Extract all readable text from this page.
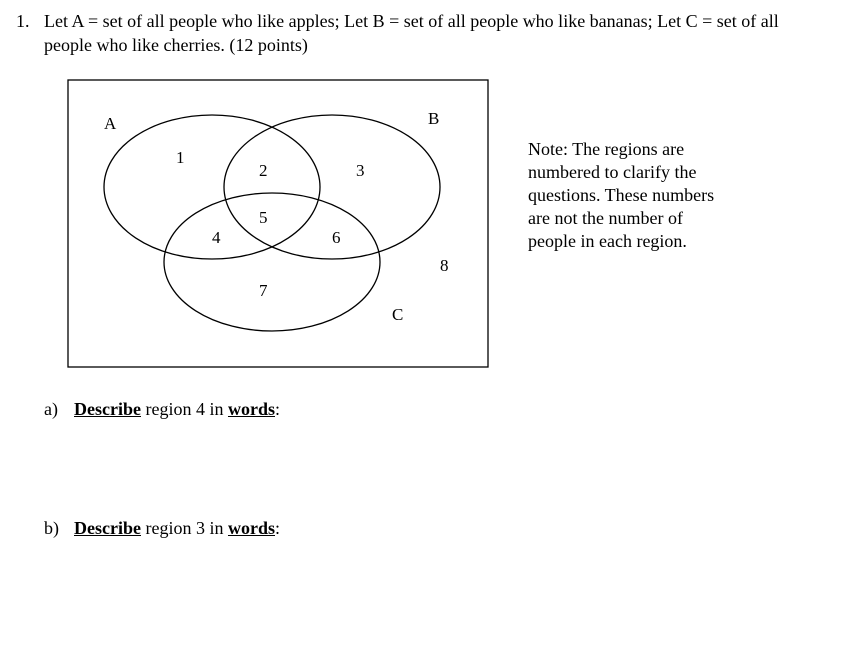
1. Let A = set of all people who like apples; Let B = set of all people who like bananas; Let C = set of all
people who like cherries. (12 points)
A	B
C
1
2	3
4
5
6
7
8
Note: The regions are
numbered to clarify the
questions. These numbers
are not the number of
people in each region.
a) Describe region 4 in words:
b) Describe region 3 in words:
